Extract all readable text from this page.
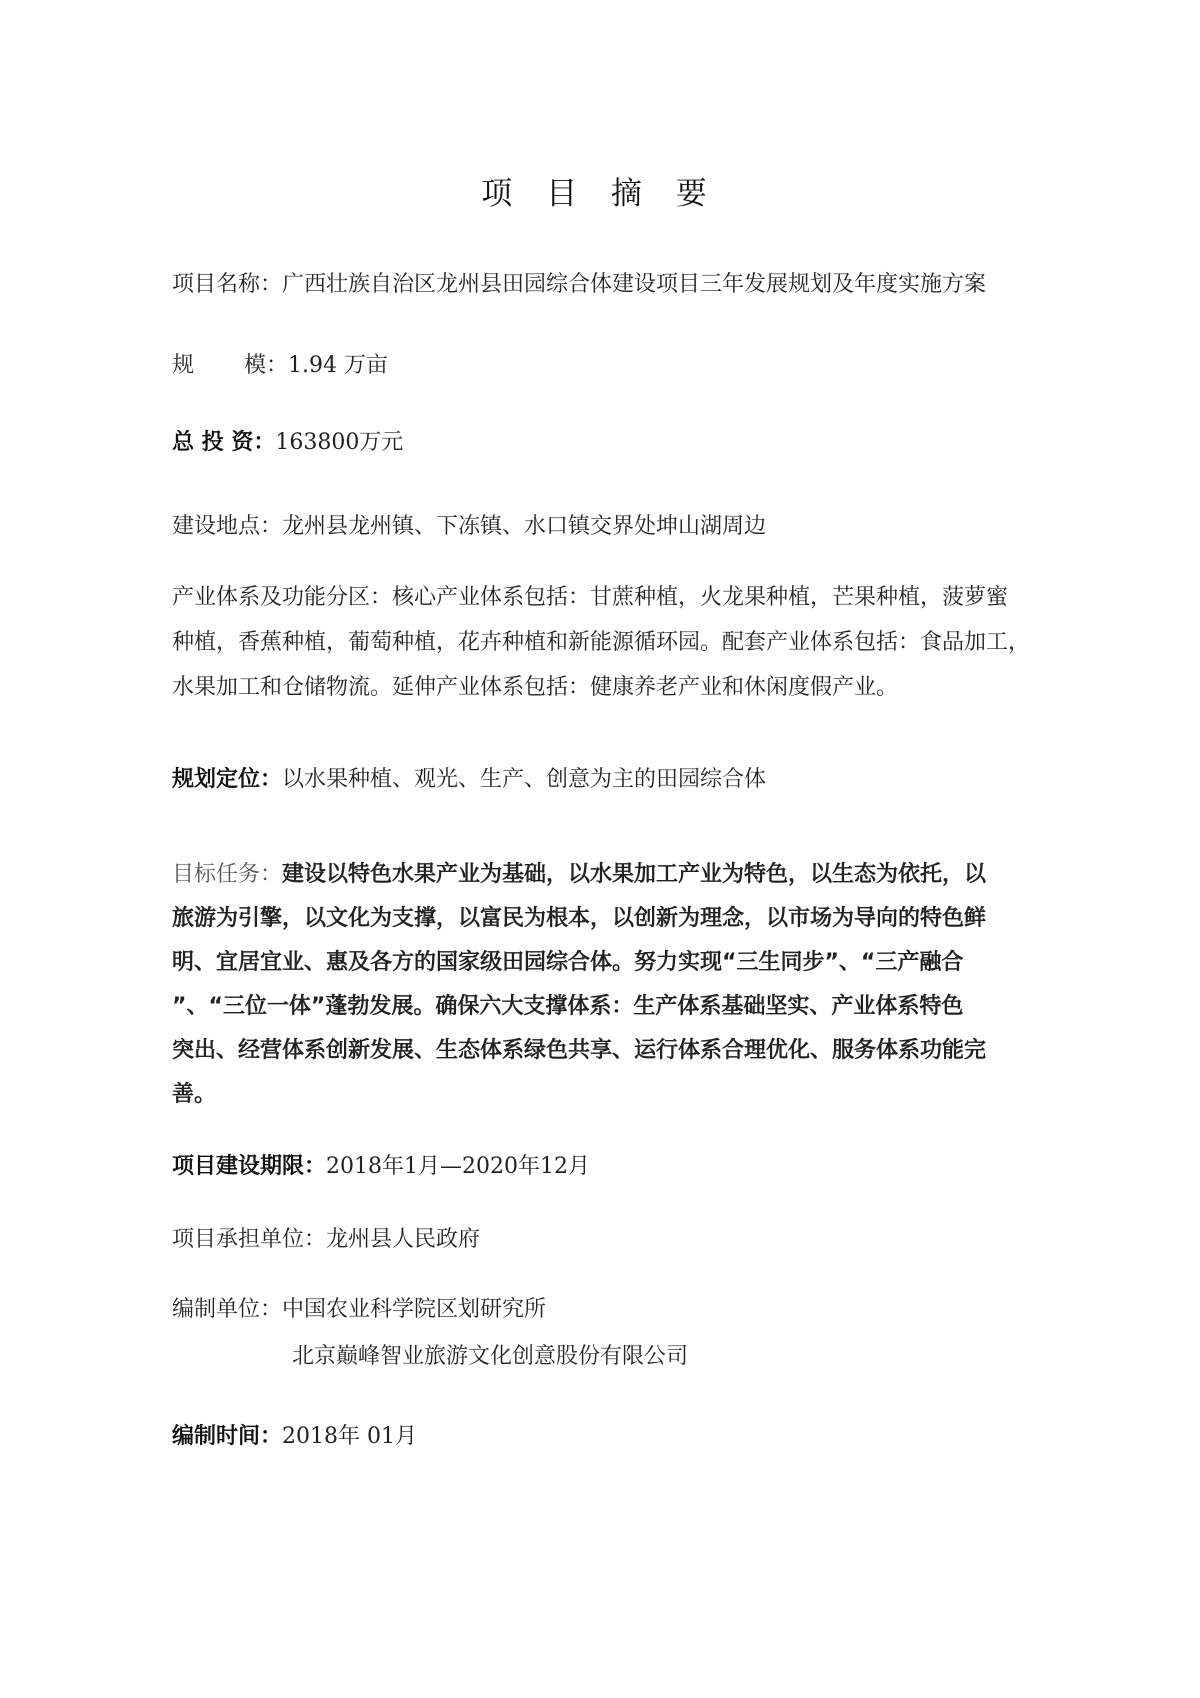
项 目 摘 要
项目名称：广西壮族自治区龙州县田园综合体建设项目三年发展规划及年度实施方案
规 模：1.94 万亩
总 投 资：163800万元
建设地点：龙州县龙州镇、下冻镇、水口镇交界处坤山湖周边
产业体系及功能分区：核心产业体系包括：甘蔗种植，火龙果种植，芒果种植，菠萝蜜
种植，香蕉种植，葡萄种植，花卉种植和新能源循环园。配套产业体系包括：食品加工，
水果加工和仓储物流。延伸产业体系包括：健康养老产业和休闲度假产业。
规划定位：以水果种植、观光、生产、创意为主的田园综合体
目标任务：建设以特色水果产业为基础，以水果加工产业为特色，以生态为依托，以
旅游为引擎，以文化为支撑，以富民为根本，以创新为理念，以市场为导向的特色鲜
明、宜居宜业、惠及各方的国家级田园综合体。努力实现“三生同步”、“三产融合
”、“三位一体”蓬勃发展。确保六大支撑体系：生产体系基础坚实、产业体系特色
突出、经营体系创新发展、生态体系绿色共享、运行体系合理优化、服务体系功能完
善。
项目建设期限：2018年1月—2020年12月
项目承担单位：龙州县人民政府
编制单位：中国农业科学院区划研究所
北京巅峰智业旅游文化创意股份有限公司
编制时间：2018年 01月
